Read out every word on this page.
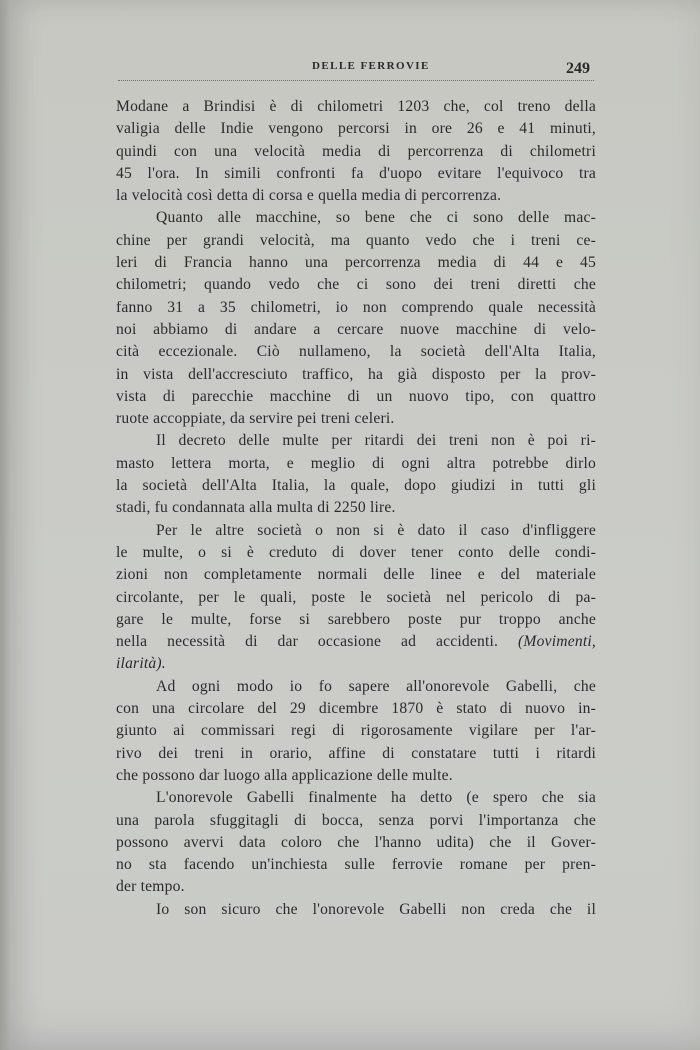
DELLE FERROVIE	249
Modane a Brindisi è di chilometri 1203 che, col treno della
valigia delle Indie vengono percorsi in ore 26 e 41 minuti,
quindi con una velocità media di percorrenza di chilometri
45 l'ora. In simili confronti fa d'uopo evitare l'equivoco tra
la velocità così detta di corsa e quella media di percorrenza.
Quanto alle macchine, so bene che ci sono delle mac-
chine per grandi velocità, ma quanto vedo che i treni ce-
leri di Francia hanno una percorrenza media di 44 e 45
chilometri; quando vedo che ci sono dei treni diretti che
fanno 31 a 35 chilometri, io non comprendo quale necessità
noi abbiamo di andare a cercare nuove macchine di velo-
cità eccezionale. Ciò nullameno, la società dell'Alta Italia,
in vista dell'accresciuto traffico, ha già disposto per la prov-
vista di parecchie macchine di un nuovo tipo, con quattro
ruote accoppiate, da servire pei treni celeri.
Il decreto delle multe per ritardi dei treni non è poi ri-
masto lettera morta, e meglio di ogni altra potrebbe dirlo
la società dell'Alta Italia, la quale, dopo giudizi in tutti gli
stadi, fu condannata alla multa di 2250 lire.
Per le altre società o non si è dato il caso d'infliggere
le multe, o si è creduto di dover tener conto delle condi-
zioni non completamente normali delle linee e del materiale
circolante, per le quali, poste le società nel pericolo di pa-
gare le multe, forse si sarebbero poste pur troppo anche
nella necessità di dar occasione ad accidenti. (Movimenti,
ilarità).
Ad ogni modo io fo sapere all'onorevole Gabelli, che
con una circolare del 29 dicembre 1870 è stato di nuovo in-
giunto ai commissari regi di rigorosamente vigilare per l'ar-
rivo dei treni in orario, affine di constatare tutti i ritardi
che possono dar luogo alla applicazione delle multe.
L'onorevole Gabelli finalmente ha detto (e spero che sia
una parola sfuggitagli di bocca, senza porvi l'importanza che
possono avervi data coloro che l'hanno udita) che il Gover-
no sta facendo un'inchiesta sulle ferrovie romane per pren-
der tempo.
Io son sicuro che l'onorevole Gabelli non creda che il
